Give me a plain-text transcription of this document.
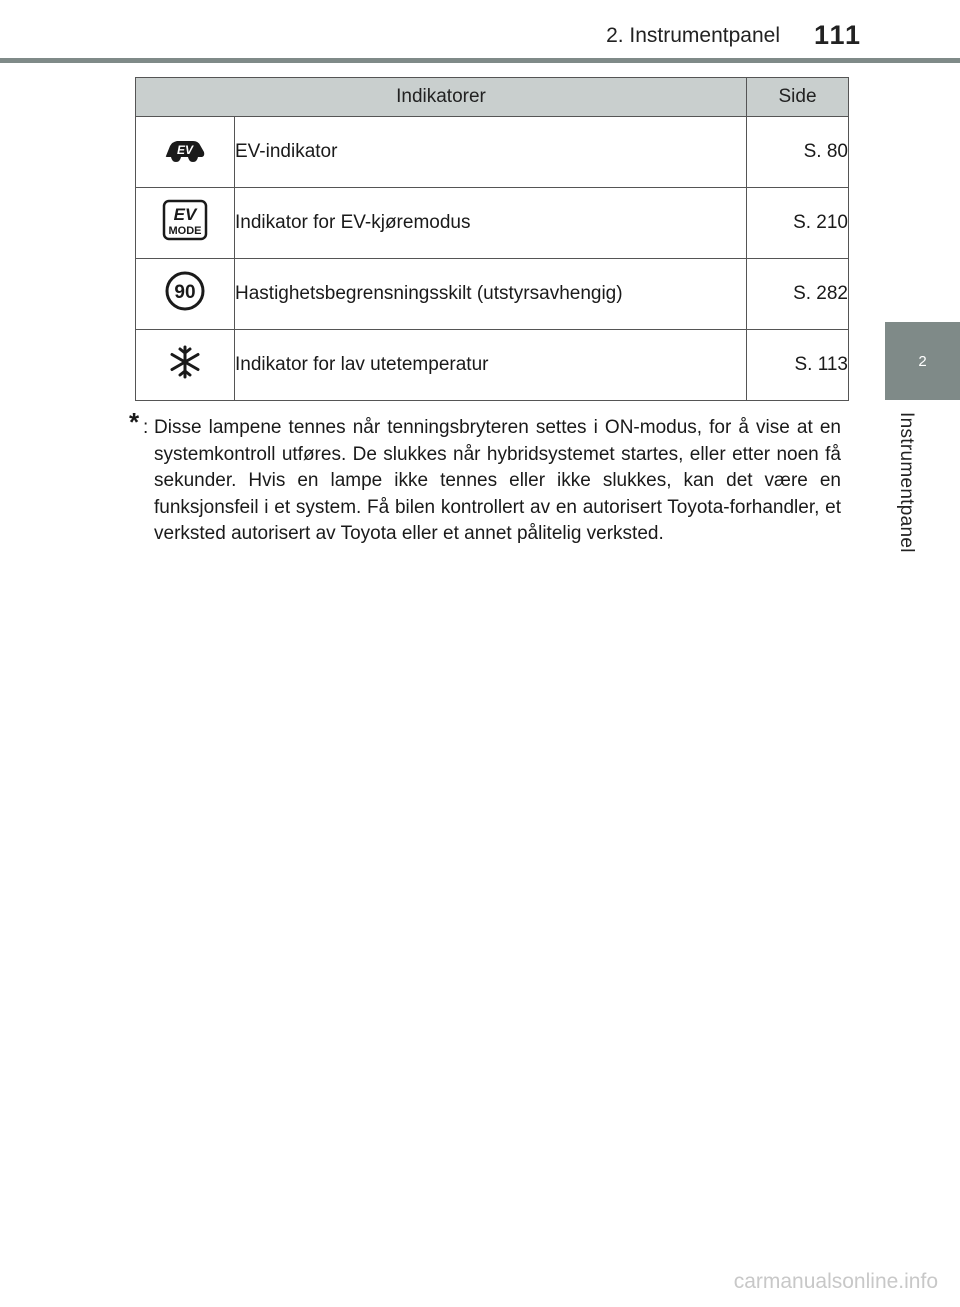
2. Instrumentpanel	111
2
Instrumentpanel
Indikatorer		Side

EV	EV-indikator	S. 80

EV
MODE	Indikator for EV-kjøremodus	S. 210

90	Hastighetsbegrensningsskilt (utstyrsavhengig)	S. 282
	Indikator for lav utetemperatur	S. 113
* : Disse lampene tennes når tenningsbryteren settes i ON-modus, for å vise at en systemkontroll utføres. De slukkes når hybridsystemet startes, eller etter noen få sekunder. Hvis en lampe ikke tennes eller ikke slukkes, kan det være en funksjonsfeil i et system. Få bilen kontrollert av en autorisert Toyota-forhandler, et verksted autorisert av Toyota eller et annet pålitelig verksted.
carmanualsonline.info
